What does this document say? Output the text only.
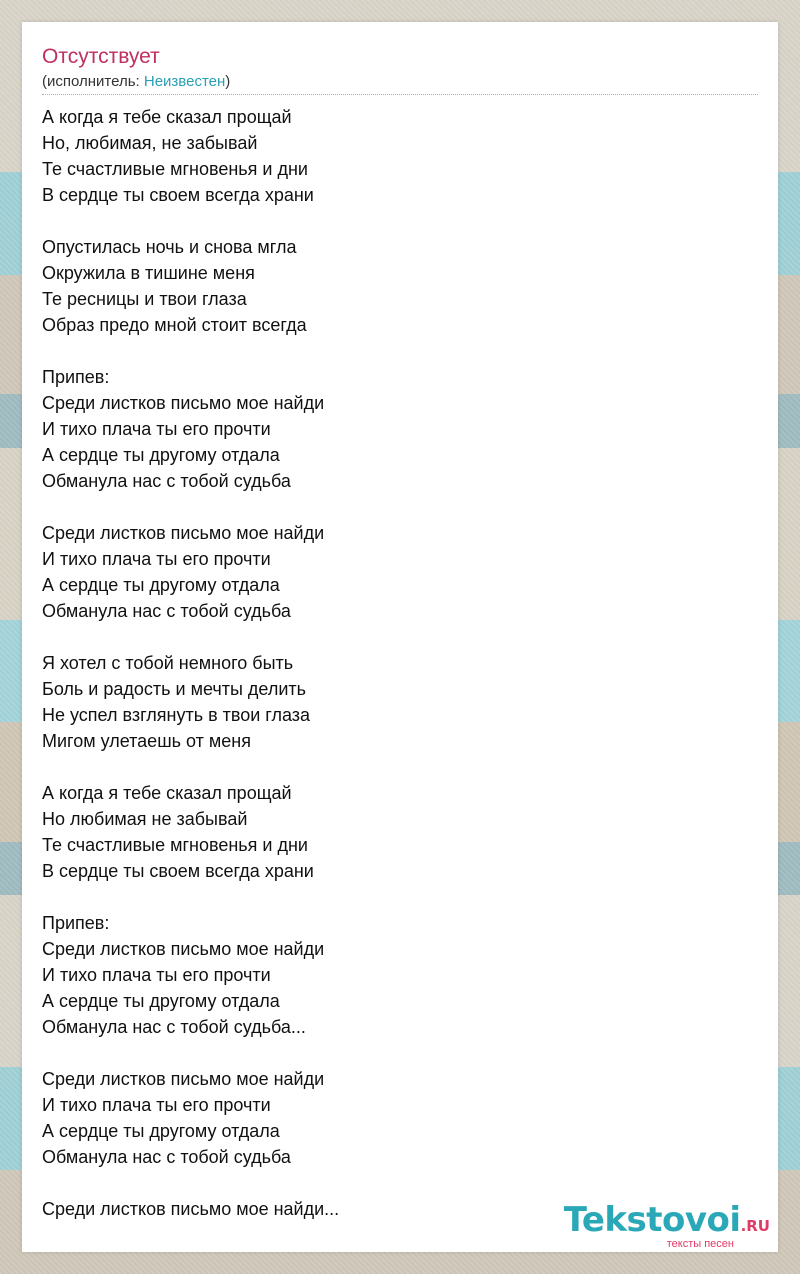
Отсутствует
(исполнитель: Неизвестен)
А когда я тебе сказал прощай
Но, любимая, не забывай
Те счастливые мгновенья и дни
В сердце ты своем всегда храни
Опустилась ночь и снова мгла
Окружила в тишине меня
Те ресницы и твои глаза
Образ предо мной стоит всегда
Припев:
Среди листков письмо мое найди
И тихо плача ты его прочти
А сердце ты другому отдала
Обманула нас с тобой судьба
Среди листков письмо мое найди
И тихо плача ты его прочти
А сердце ты другому отдала
Обманула нас с тобой судьба
Я хотел с тобой немного быть
Боль и радость и мечты делить
Не успел взглянуть в твои глаза
Мигом улетаешь от меня
А когда я тебе сказал прощай
Но любимая не забывай
Те счастливые мгновенья и дни
В сердце ты своем всегда храни
Припев:
Среди листков письмо мое найди
И тихо плача ты его прочти
А сердце ты другому отдала
Обманула нас с тобой судьба...
Среди листков письмо мое найди
И тихо плача ты его прочти
А сердце ты другому отдала
Обманула нас с тобой судьба
Среди листков письмо мое найди...	Tekstovoi.RU
тексты песен
